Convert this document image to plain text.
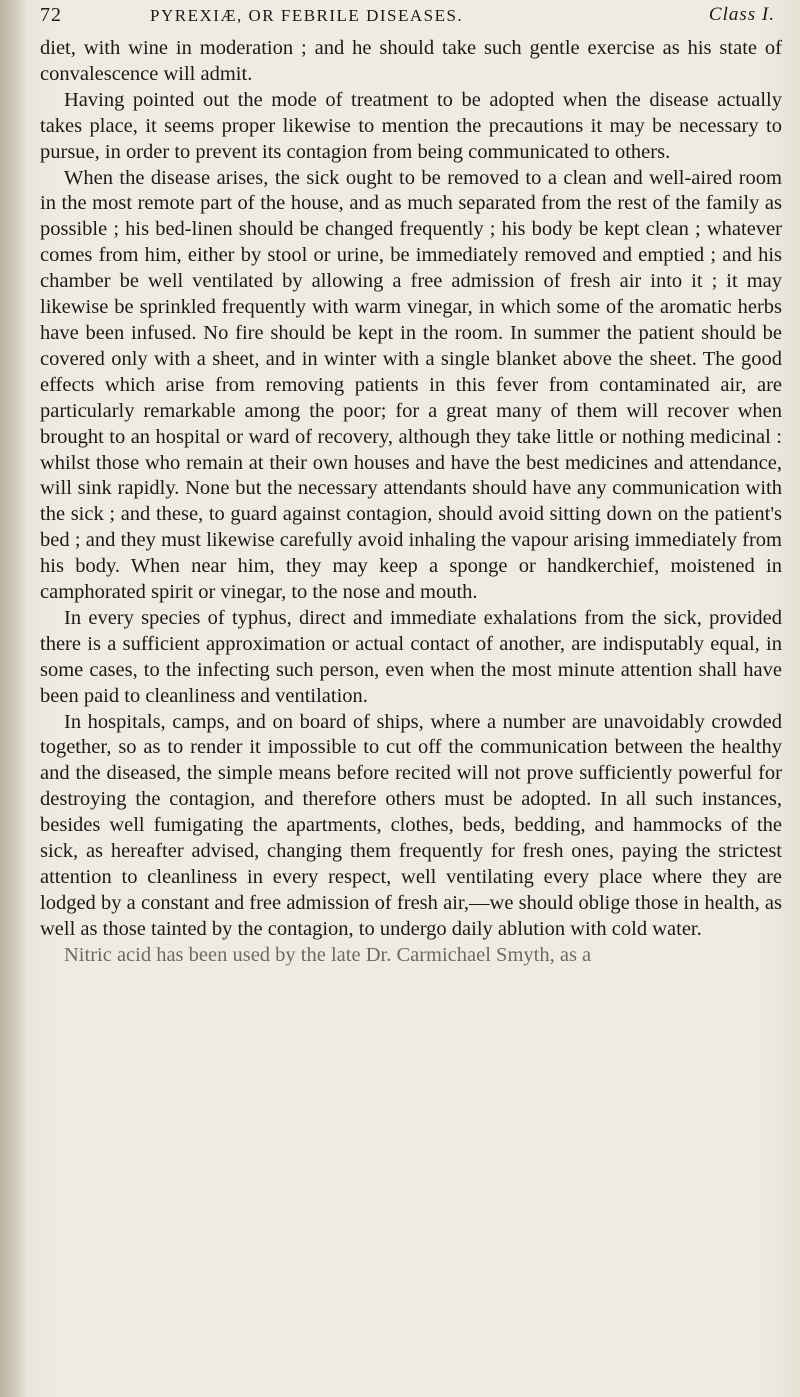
72	PYREXIÆ, OR FEBRILE DISEASES.	Class I.

diet, with wine in moderation ; and he should take such gentle exercise as his state of convalescence will admit.

Having pointed out the mode of treatment to be adopted when the disease actually takes place, it seems proper likewise to mention the precautions it may be necessary to pursue, in order to prevent its contagion from being communicated to others.

When the disease arises, the sick ought to be removed to a clean and well-aired room in the most remote part of the house, and as much separated from the rest of the family as possible ; his bed-linen should be changed frequently ; his body be kept clean ; whatever comes from him, either by stool or urine, be immediately removed and emptied ; and his chamber be well ventilated by allowing a free admission of fresh air into it ; it may likewise be sprinkled frequently with warm vinegar, in which some of the aromatic herbs have been infused. No fire should be kept in the room. In summer the patient should be covered only with a sheet, and in winter with a single blanket above the sheet. The good effects which arise from removing patients in this fever from contaminated air, are particularly remarkable among the poor; for a great many of them will recover when brought to an hospital or ward of recovery, although they take little or nothing medicinal : whilst those who remain at their own houses and have the best medicines and attendance, will sink rapidly. None but the necessary attendants should have any communication with the sick ; and these, to guard against contagion, should avoid sitting down on the patient's bed ; and they must likewise carefully avoid inhaling the vapour arising immediately from his body. When near him, they may keep a sponge or handkerchief, moistened in camphorated spirit or vinegar, to the nose and mouth.

In every species of typhus, direct and immediate exhalations from the sick, provided there is a sufficient approximation or actual contact of another, are indisputably equal, in some cases, to the infecting such person, even when the most minute attention shall have been paid to cleanliness and ventilation.

In hospitals, camps, and on board of ships, where a number are unavoidably crowded together, so as to render it impossible to cut off the communication between the healthy and the diseased, the simple means before recited will not prove sufficiently powerful for destroying the contagion, and therefore others must be adopted. In all such instances, besides well fumigating the apartments, clothes, beds, bedding, and hammocks of the sick, as hereafter advised, changing them frequently for fresh ones, paying the strictest attention to cleanliness in every respect, well ventilating every place where they are lodged by a constant and free admission of fresh air,—we should oblige those in health, as well as those tainted by the contagion, to undergo daily ablution with cold water.

Nitric acid has been used by the late Dr. Carmichael Smyth, as a
